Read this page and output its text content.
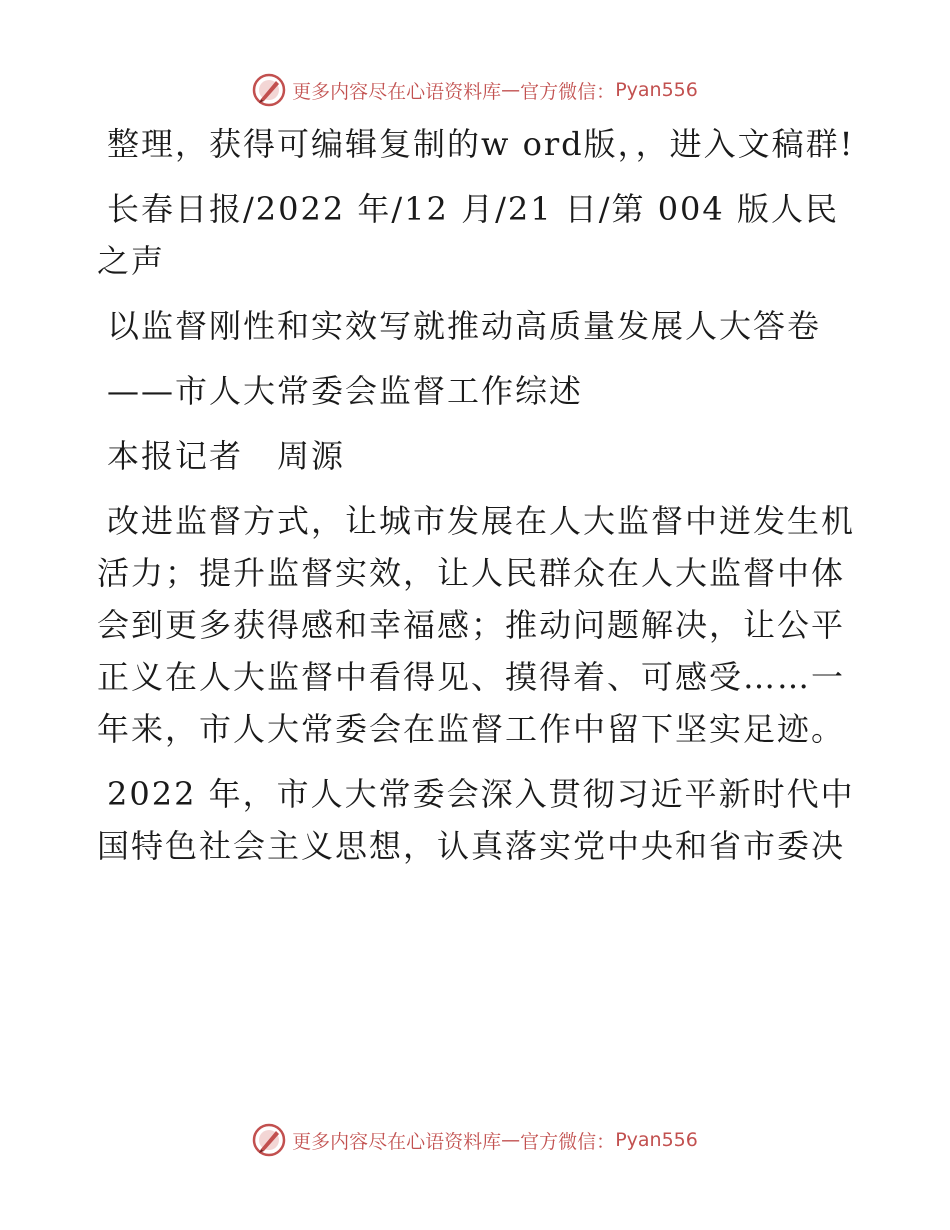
更多内容尽在心语资料库 — 官方微信： Pyan556

整理，获得可编辑复制的w ord版，，进入文稿群!

长春日报/2022 年/12 月/21 日/第 004 版人民之声

以监督刚性和实效写就推动高质量发展人大答卷

——市人大常委会监督工作综述

本报记者　周源

改进监督方式，让城市发展在人大监督中迸发生机活力；提升监督实效，让人民群众在人大监督中体会到更多获得感和幸福感；推动问题解决，让公平正义在人大监督中看得见、摸得着、可感受……一年来，市人大常委会在监督工作中留下坚实足迹。

2022 年，市人大常委会深入贯彻习近平新时代中国特色社会主义思想，认真落实党中央和省市委决

更多内容尽在心语资料库 — 官方微信： Pyan556
